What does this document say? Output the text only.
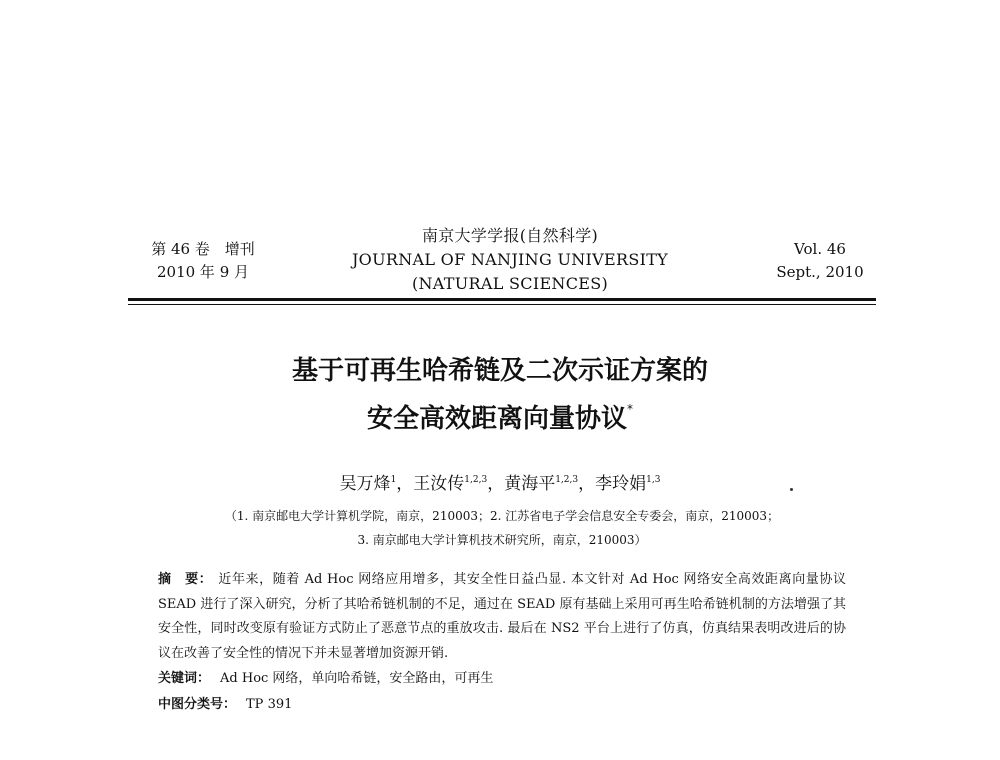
第 46 卷　增刊
2010 年 9 月
南京大学学报(自然科学)
JOURNAL OF NANJING UNIVERSITY
(NATURAL SCIENCES)
Vol. 46
Sept., 2010
基于可再生哈希链及二次示证方案的
安全高效距离向量协议*
吴万烽$^1$，王汝传$^{1,2,3}$，黄海平$^{1,2,3}$，李玲娟$^{1,3}$
（1. 南京邮电大学计算机学院，南京，210003；2. 江苏省电子学会信息安全专委会，南京，210003；
3. 南京邮电大学计算机技术研究所，南京，210003）
摘　要： 近年来，随着 Ad Hoc 网络应用增多，其安全性日益凸显. 本文针对 Ad Hoc 网络安全高效距离向量协议 SEAD 进行了深入研究，分析了其哈希链机制的不足，通过在 SEAD 原有基础上采用可再生哈希链机制的方法增强了其安全性，同时改变原有验证方式防止了恶意节点的重放攻击. 最后在 NS2 平台上进行了仿真，仿真结果表明改进后的协议在改善了安全性的情况下并未显著增加资源开销.
关键词： Ad Hoc 网络，单向哈希链，安全路由，可再生
中图分类号： TP 391
